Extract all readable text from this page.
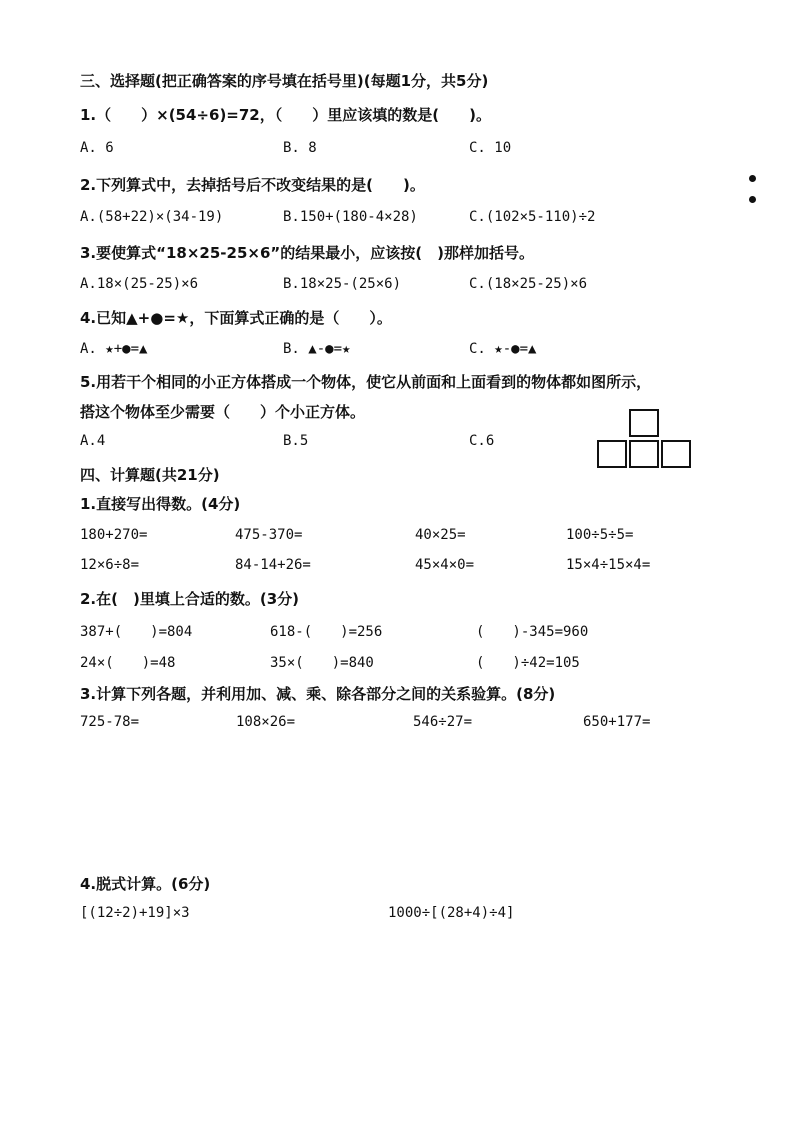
三、选择题(把正确答案的序号填在括号里)(每题1分，共5分)
1.（　　）×(54÷6)=72，（　　）里应该填的数是(　　)。
A. 6	B. 8	C. 10
2.下列算式中，去掉括号后不改变结果的是(　　)。
A.(58+22)×(34-19)	B.150+(180-4×28)	C.(102×5-110)÷2
3.要使算式“18×25-25×6”的结果最小，应该按(　)那样加括号。
A.18×(25-25)×6	B.18×25-(25×6)	C.(18×25-25)×6
4.已知▲+●=★，下面算式正确的是（　　）。
A. ★+●=▲	B. ▲-●=★	C. ★-●=▲
5.用若干个相同的小正方体搭成一个物体，使它从前面和上面看到的物体都如图所示，
搭这个物体至少需要（　　）个小正方体。
A.4	B.5	C.6
四、计算题(共21分)
1.直接写出得数。(4分)
180+270=	475-370=	40×25=	100÷5÷5=
12×6÷8=	84-14+26=	45×4×0=	15×4÷15×4=
2.在(　)里填上合适的数。(3分)
387+(　　)=804	618-(　　)=256	(　　)-345=960
24×(　　)=48	35×(　　)=840	(　　)÷42=105
3.计算下列各题，并利用加、减、乘、除各部分之间的关系验算。(8分)
725-78=	108×26=	546÷27=	650+177=
4.脱式计算。(6分)
[(12÷2)+19]×3	1000÷[(28+4)÷4]
